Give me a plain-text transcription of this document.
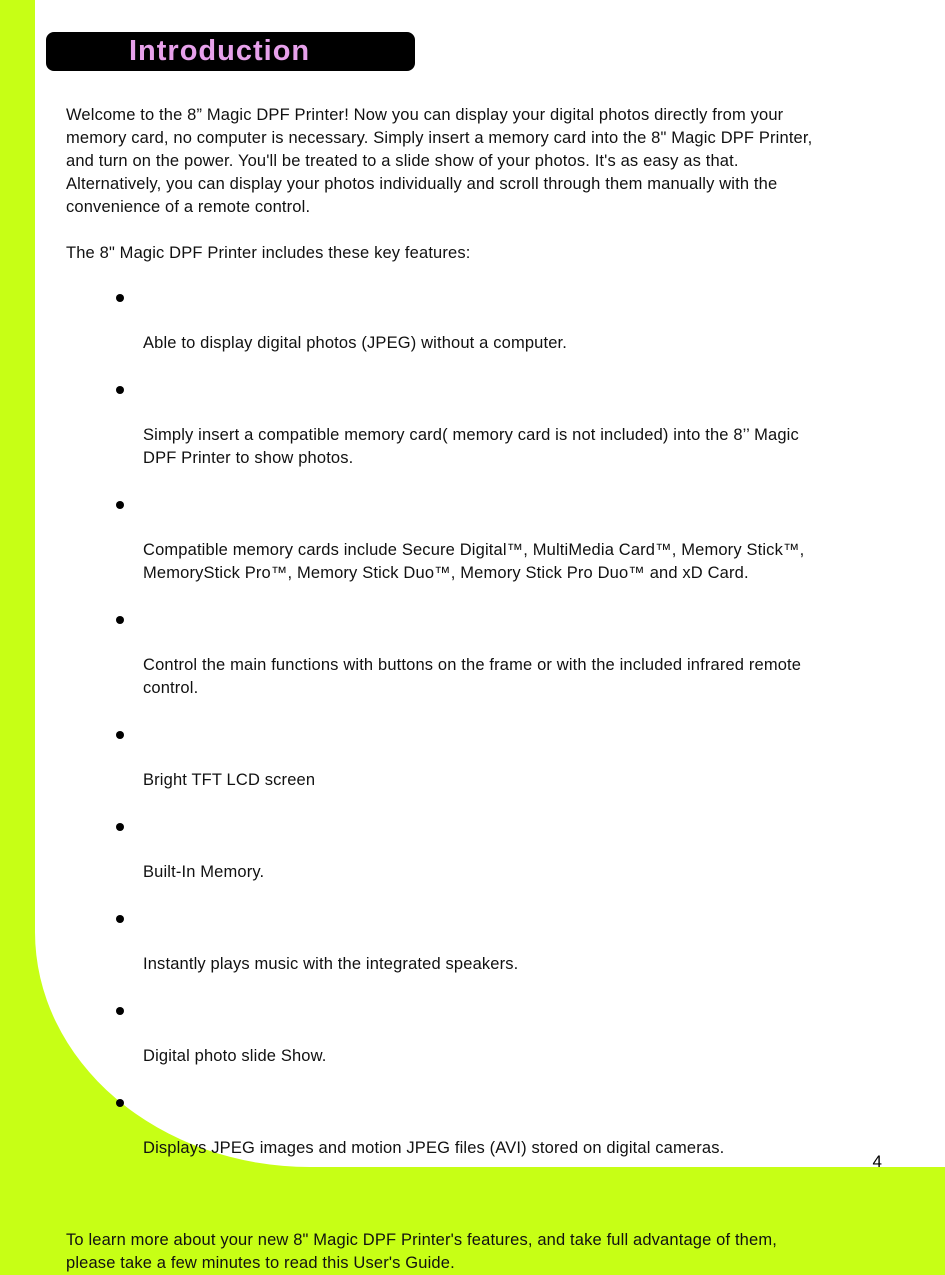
Introduction

Welcome to the 8” Magic DPF Printer! Now you can display your digital photos directly from your
memory card, no computer is necessary. Simply insert a memory card into the 8" Magic DPF Printer,
and turn on the power. You'll be treated to a slide show of your photos. It's as easy as that.
Alternatively, you can display your photos individually and scroll through them manually with the
convenience of a remote control.

The 8" Magic DPF Printer includes these key features:

Able to display digital photos (JPEG) without a computer.

Simply insert a compatible memory card( memory card is not included) into the 8’’ Magic
DPF Printer to show photos.

Compatible memory cards include Secure Digital™, MultiMedia Card™, Memory Stick™,
MemoryStick Pro™, Memory Stick Duo™, Memory Stick Pro Duo™ and xD Card.

Control the main functions with buttons on the frame or with the included infrared remote
control.

Bright TFT LCD screen

Built-In Memory.

Instantly plays music with the integrated speakers.

Digital photo slide Show.

Displays JPEG images and motion JPEG files (AVI) stored on digital cameras.

To learn more about your new 8" Magic DPF Printer's features, and take full advantage of them,
please take a few minutes to read this User's Guide.

4
